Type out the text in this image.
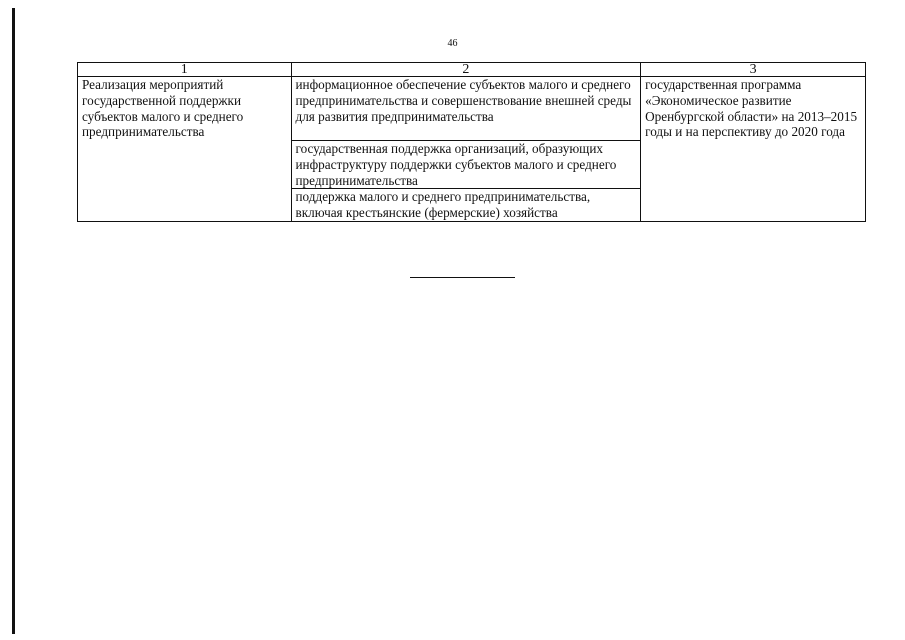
46
1	2	3
Реализация мероприятий государственной поддержки субъектов малого и среднего предпринимательства	информационное обеспечение субъектов малого и среднего предпринимательства и совершенствование внешней среды для развития предпринимательства	государственная программа «Экономическое развитие Оренбургской области» на 2013–2015 годы и на перспективу до 2020 года
	государственная поддержка организаций, образующих инфраструктуру поддержки субъектов малого и среднего предпринимательства	
	поддержка малого и среднего предпринимательства, включая крестьянские (фермерские) хозяйства	
